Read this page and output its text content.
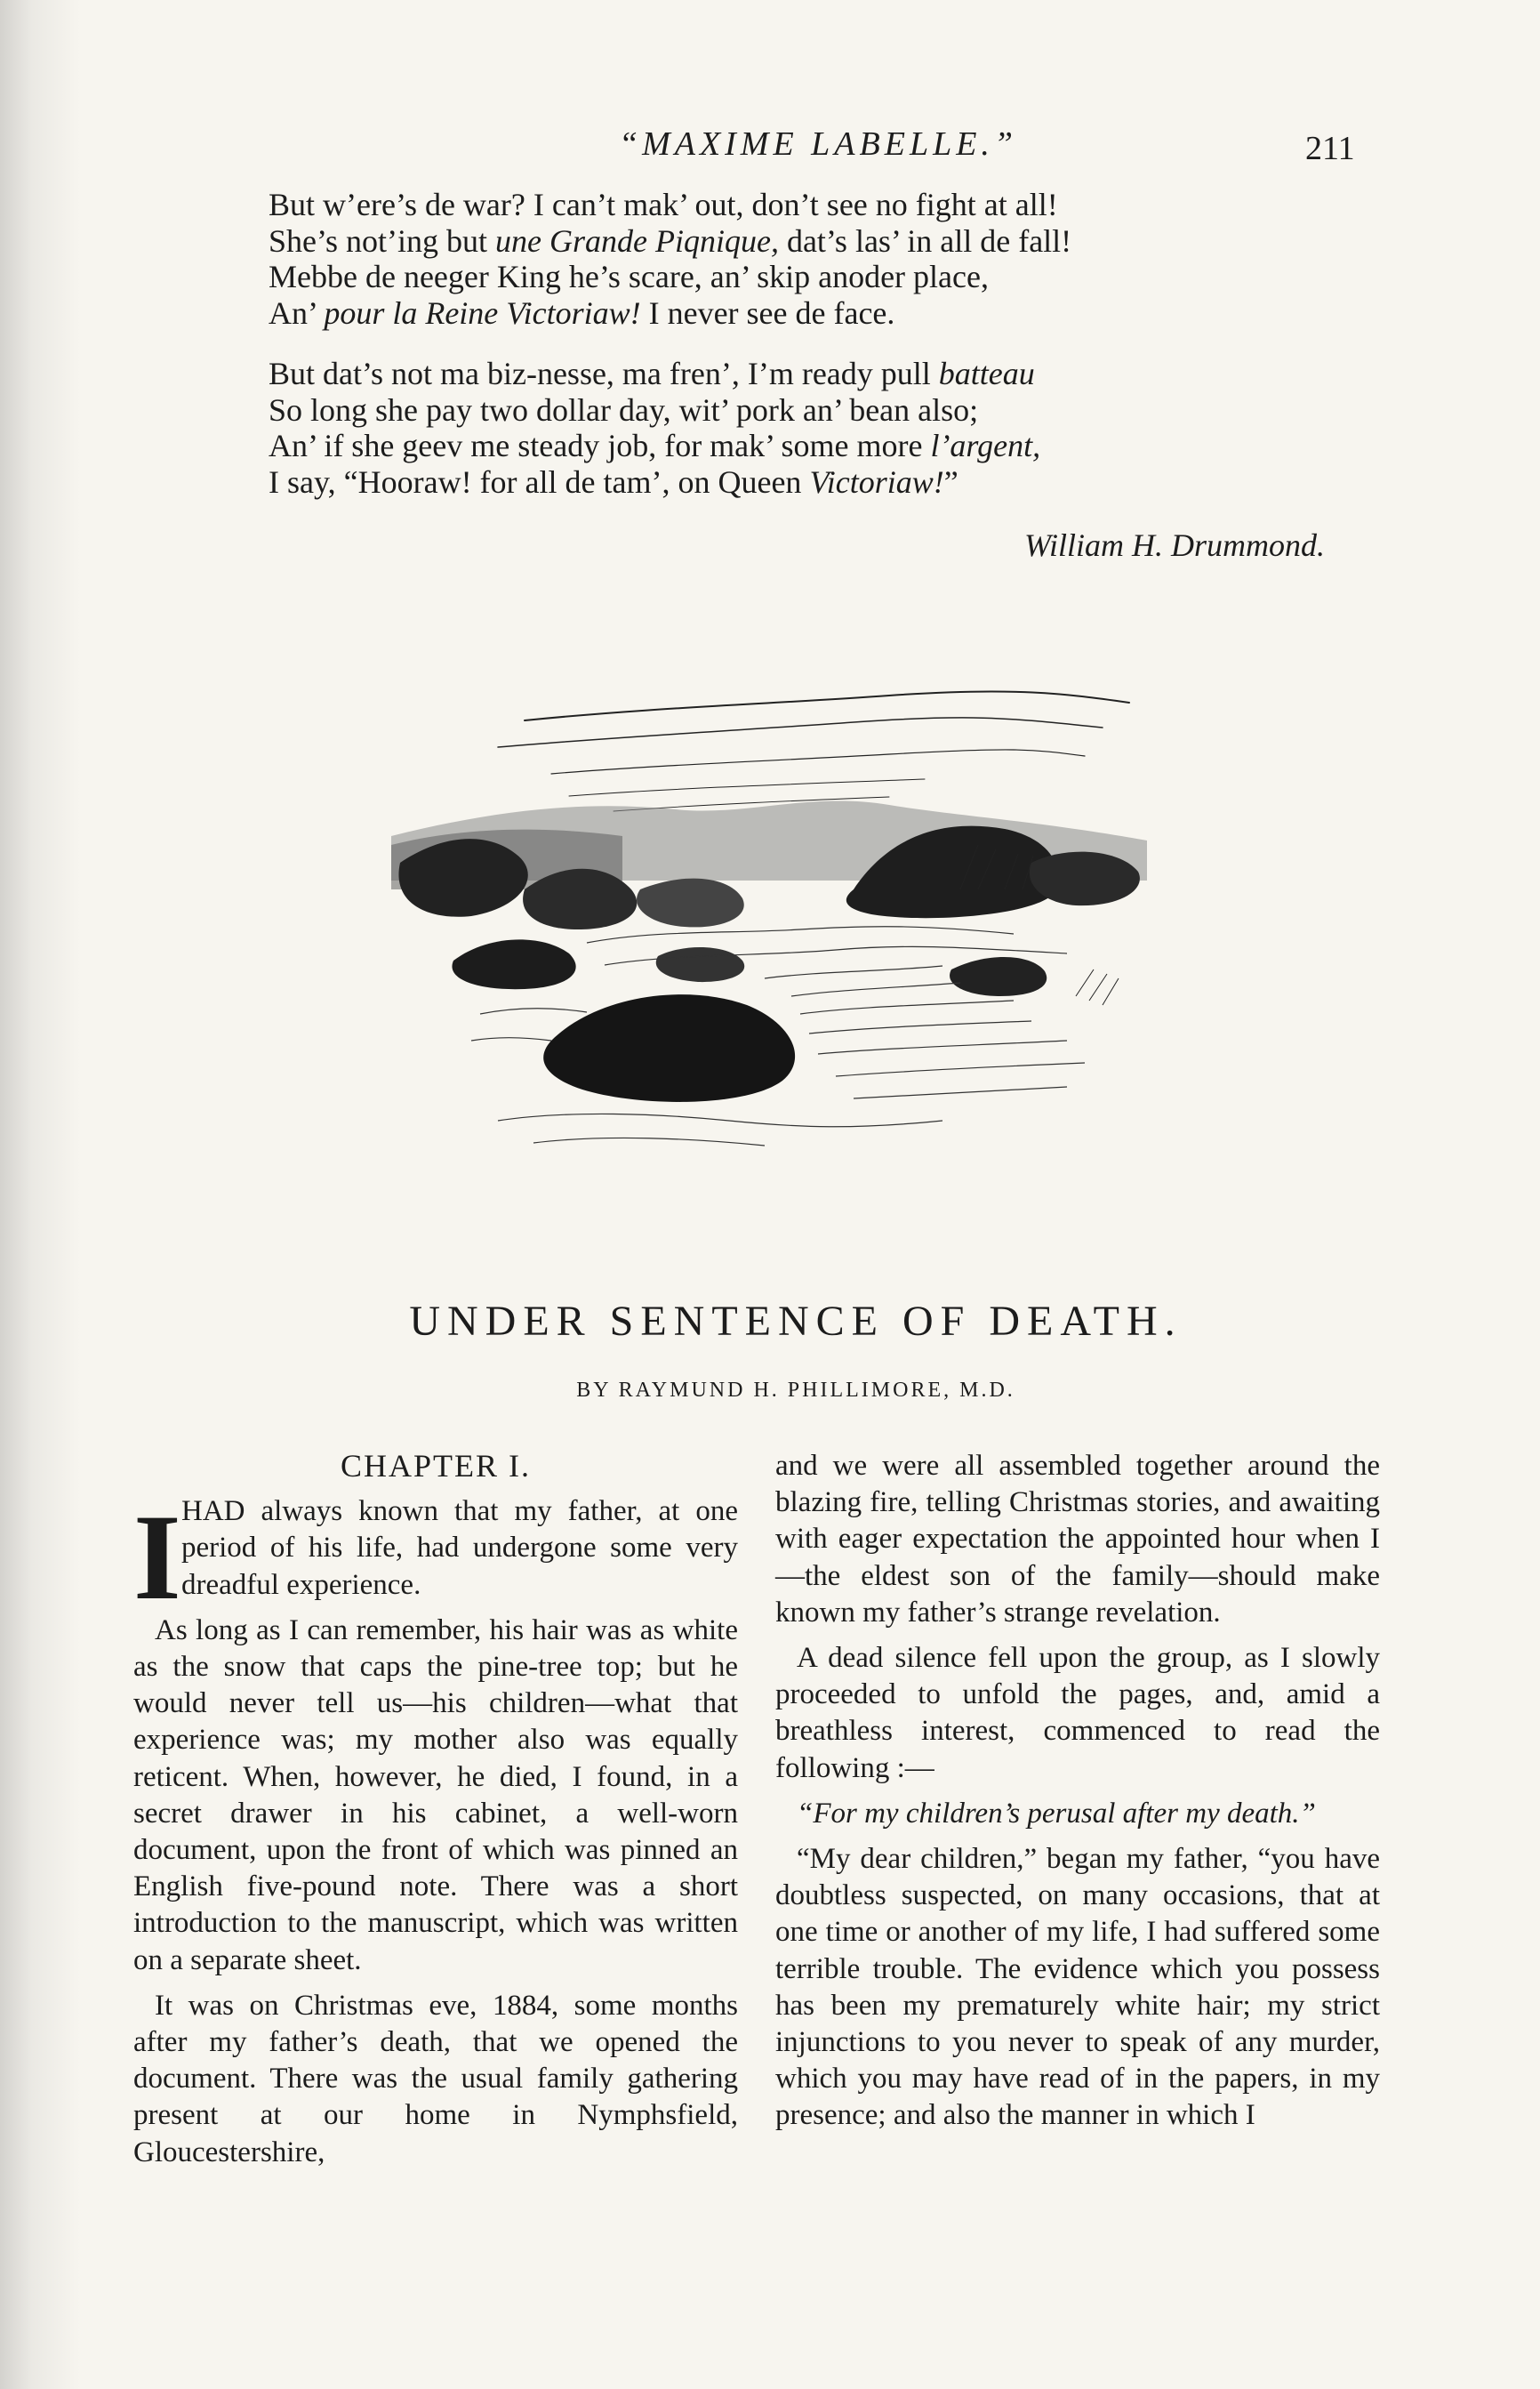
“MAXIME LABELLE.”	211
But w’ere’s de war? I can’t mak’ out, don’t see no fight at all!
She’s not’ing but une Grande Piqnique, dat’s las’ in all de fall!
Mebbe de neeger King he’s scare, an’ skip anoder place,
An’ pour la Reine Victoriaw! I never see de face.
But dat’s not ma biz-nesse, ma fren’, I’m ready pull batteau
So long she pay two dollar day, wit’ pork an’ bean also;
An’ if she geev me steady job, for mak’ some more l’argent,
I say, “Hooraw! for all de tam’, on Queen Victoriaw!”
William H. Drummond.
UNDER SENTENCE OF DEATH.
BY RAYMUND H. PHILLIMORE, M.D.
CHAPTER I.

I HAD always known that my father, at one period of his life, had undergone some very dreadful experience.

As long as I can remember, his hair was as white as the snow that caps the pine-tree top; but he would never tell us—his children—what that experience was; my mother also was equally reticent. When, however, he died, I found, in a secret drawer in his cabinet, a well-worn document, upon the front of which was pinned an English five-pound note. There was a short introduction to the manuscript, which was written on a separate sheet.

It was on Christmas eve, 1884, some months after my father’s death, that we opened the document. There was the usual family gathering present at our home in Nymphsfield, Gloucestershire,

and we were all assembled together around the blazing fire, telling Christmas stories, and awaiting with eager expectation the appointed hour when I—the eldest son of the family—should make known my father’s strange revelation.

A dead silence fell upon the group, as I slowly proceeded to unfold the pages, and, amid a breathless interest, commenced to read the following :—

“For my children’s perusal after my death.”

“My dear children,” began my father, “you have doubtless suspected, on many occasions, that at one time or another of my life, I had suffered some terrible trouble. The evidence which you possess has been my prematurely white hair; my strict injunctions to you never to speak of any murder, which you may have read of in the papers, in my presence; and also the manner in which I
